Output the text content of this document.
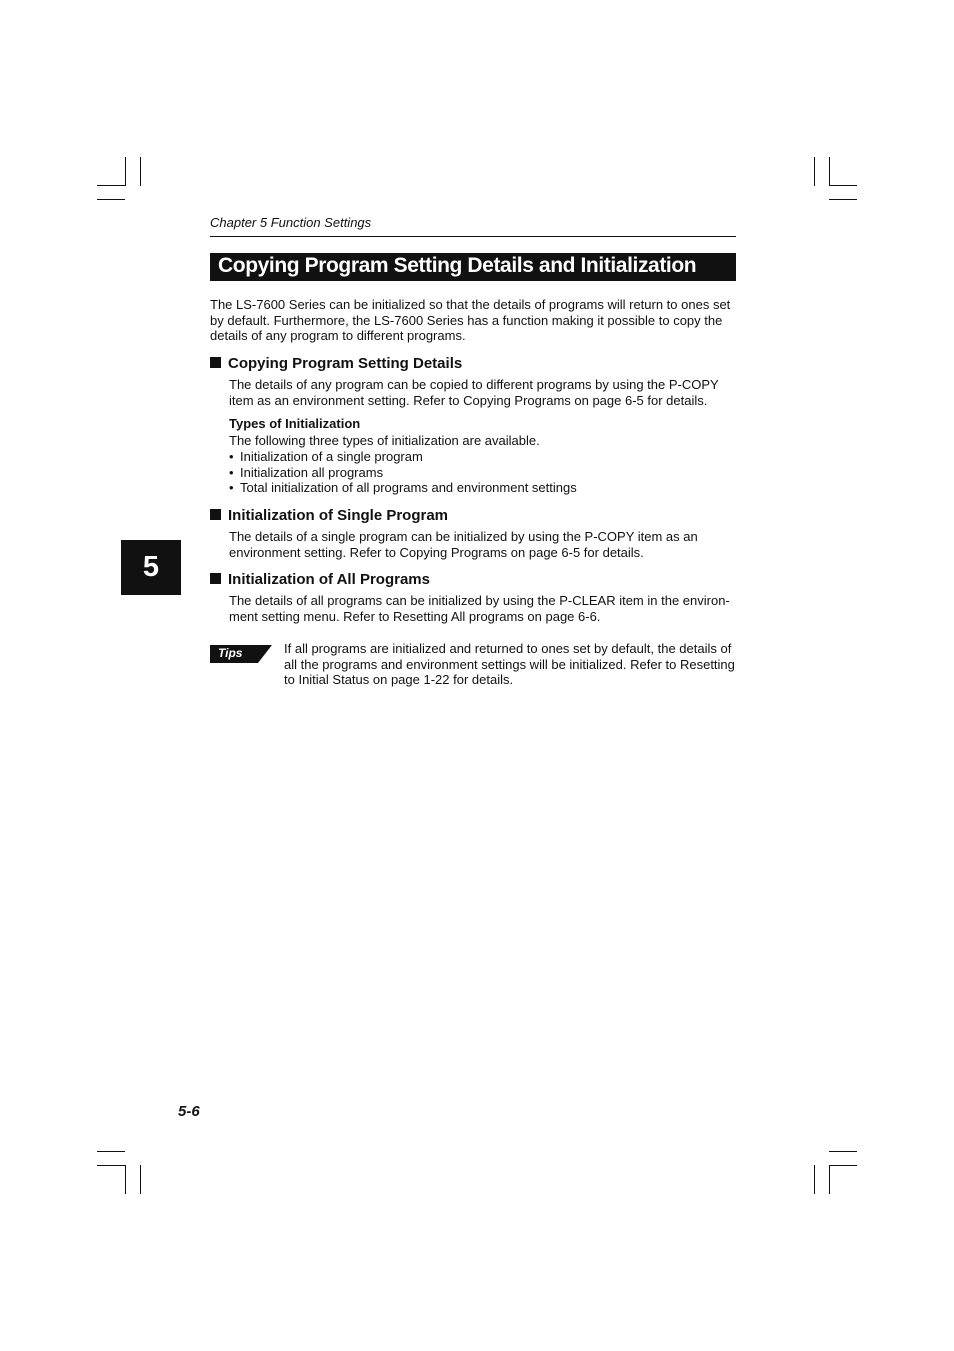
Chapter 5 Function Settings
Copying Program Setting Details and Initialization

The LS-7600 Series can be initialized so that the details of programs will return to ones set by default. Furthermore, the LS-7600 Series has a function making it possible to copy the details of any program to different programs.

Copying Program Setting Details

The details of any program can be copied to different programs by using the P-COPY item as an environment setting. Refer to Copying Programs on page 6-5 for details.

Types of Initialization

The following three types of initialization are available.

• Initialization of a single program
• Initialization all programs
• Total initialization of all programs and environment settings
Initialization of Single Program

The details of a single program can be initialized by using the P-COPY item as an environment setting. Refer to Copying Programs on page 6-5 for details.

Initialization of All Programs

The details of all programs can be initialized by using the P-CLEAR item in the environ- ment setting menu. Refer to Resetting All programs on page 6-6.

Tips	If all programs are initialized and returned to ones set by default, the details of all the programs and environment settings will be initialized. Refer to Resetting to Initial Status on page 1-22 for details.

5
5-6
